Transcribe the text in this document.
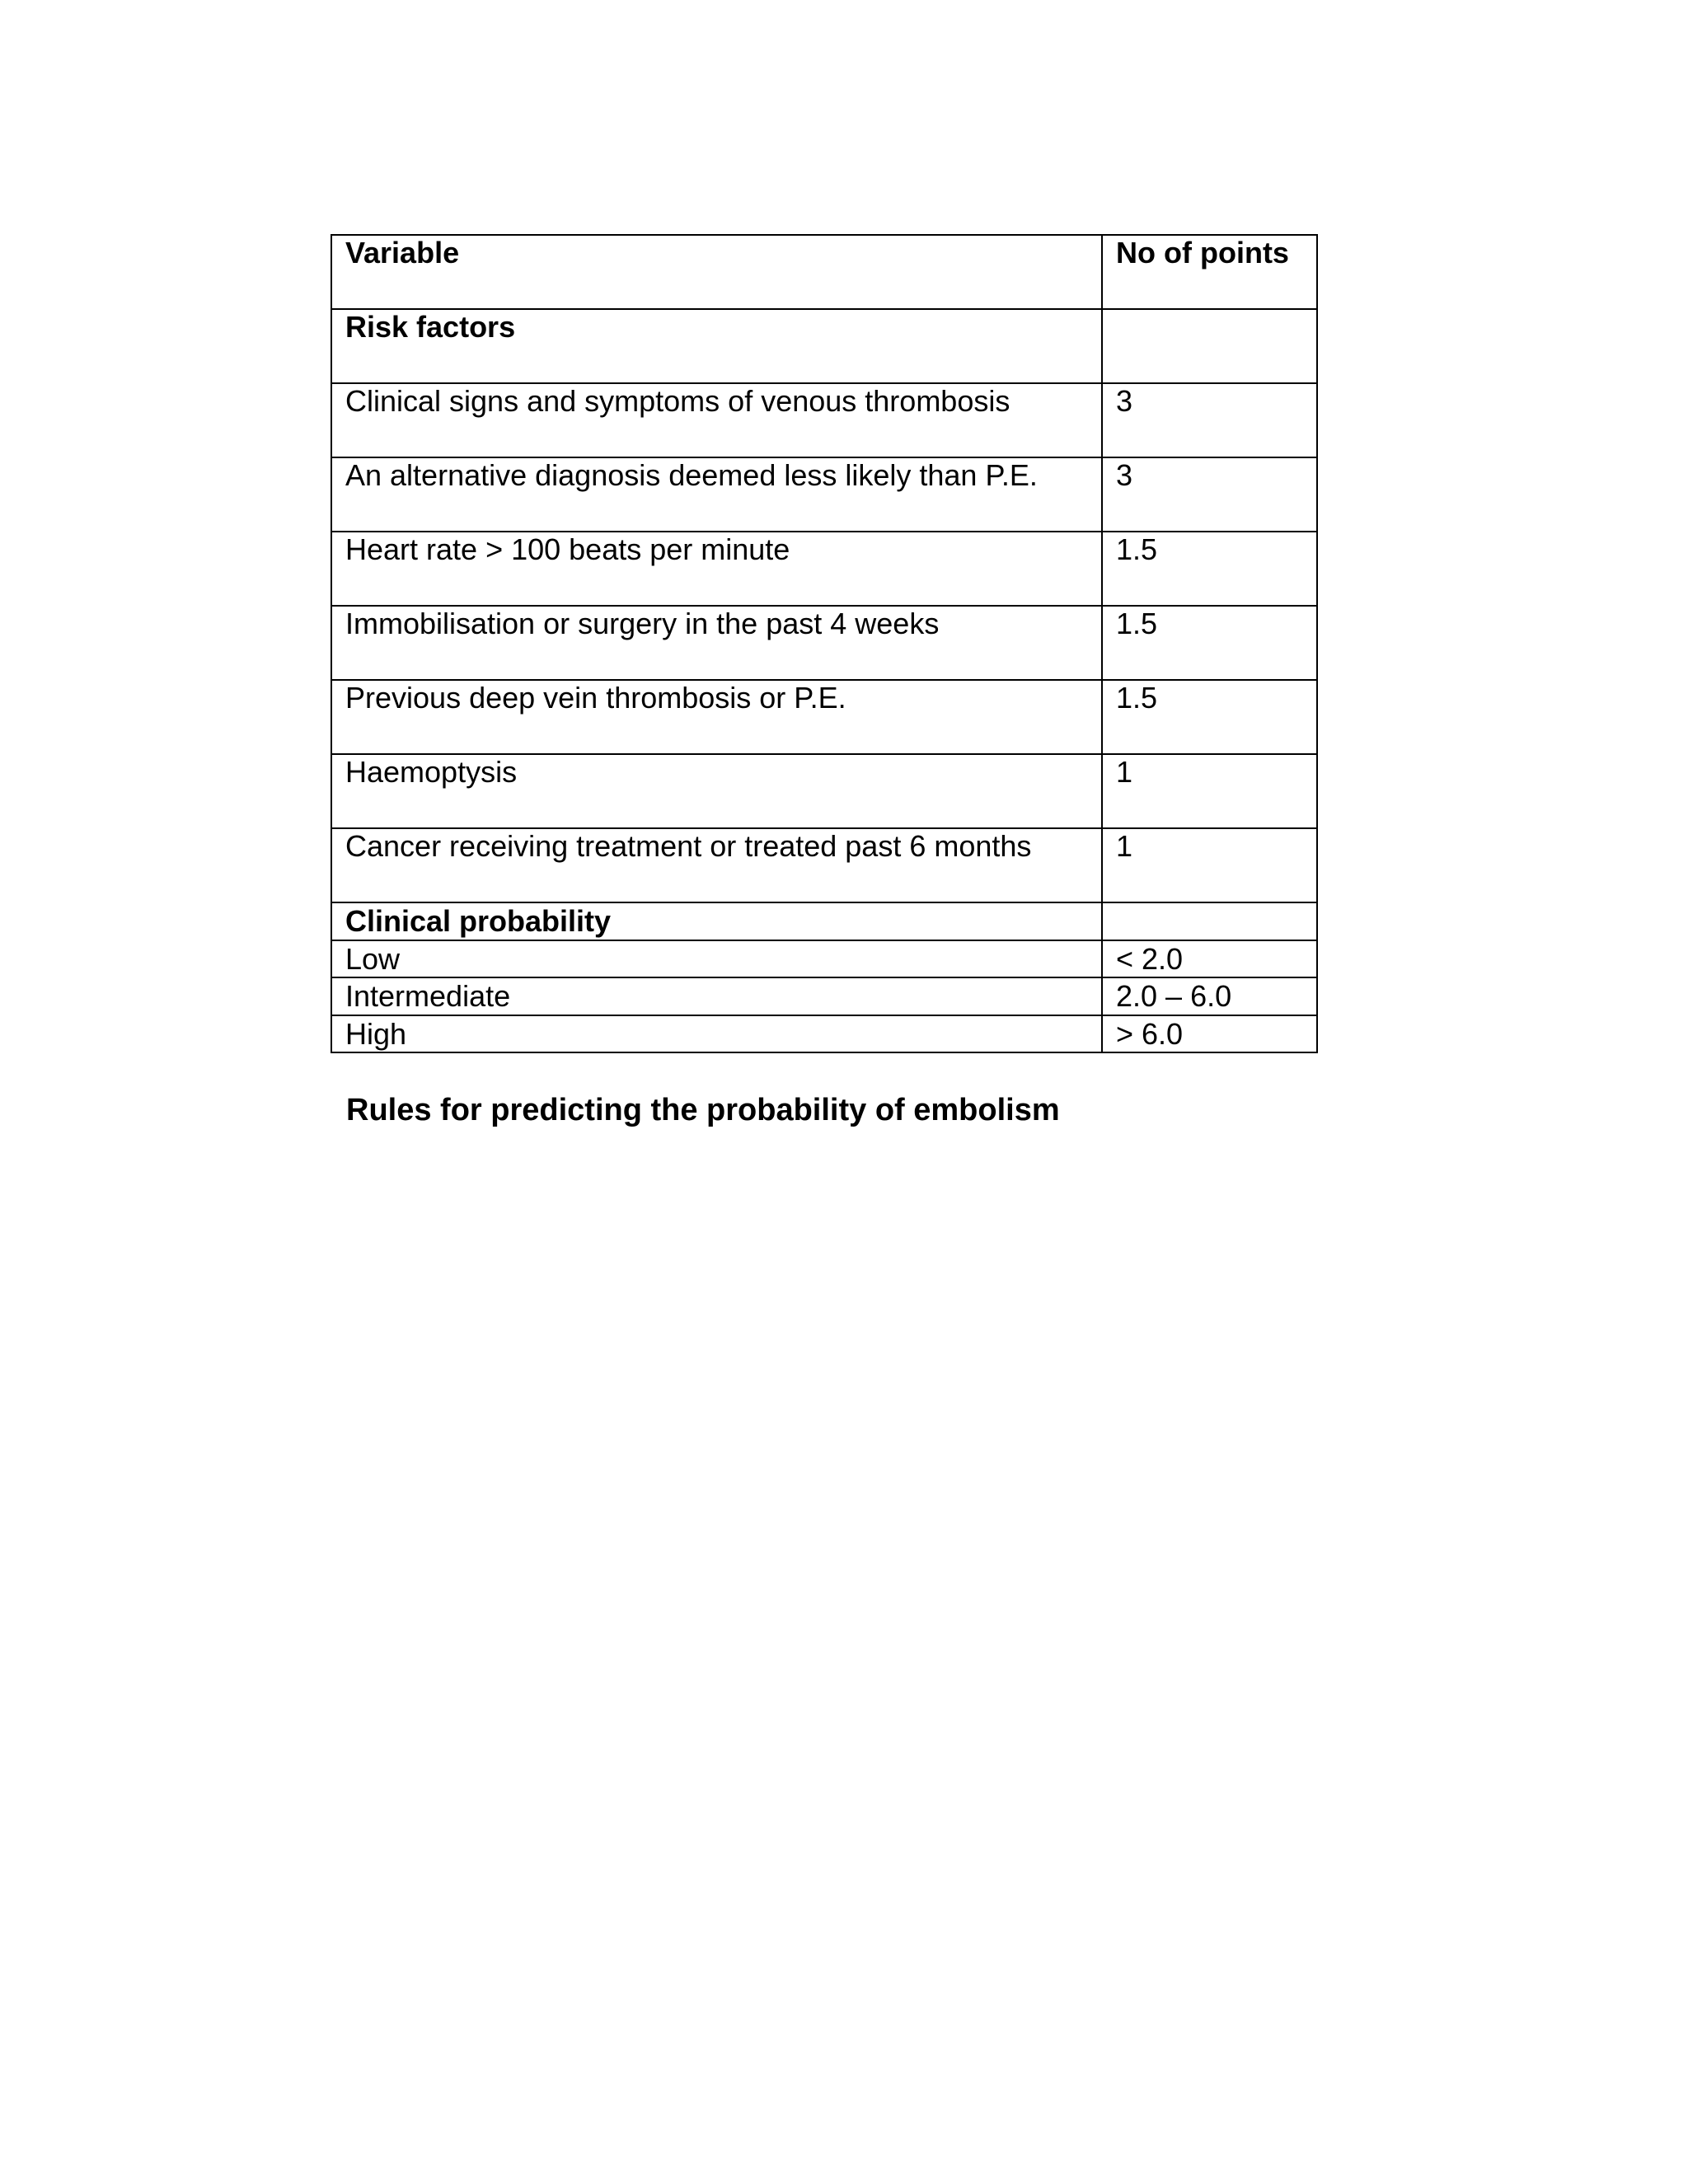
Variable	No of points
Risk factors	
Clinical signs and symptoms of venous thrombosis	3
An alternative diagnosis deemed less likely than P.E.	3
Heart rate > 100 beats per minute	1.5
Immobilisation or surgery in the past 4 weeks	1.5
Previous deep vein thrombosis or P.E.	1.5
Haemoptysis	1
Cancer receiving treatment or treated past 6 months	1
Clinical probability	
Low	< 2.0
Intermediate	2.0 – 6.0
High	> 6.0
Rules for predicting the probability of embolism
